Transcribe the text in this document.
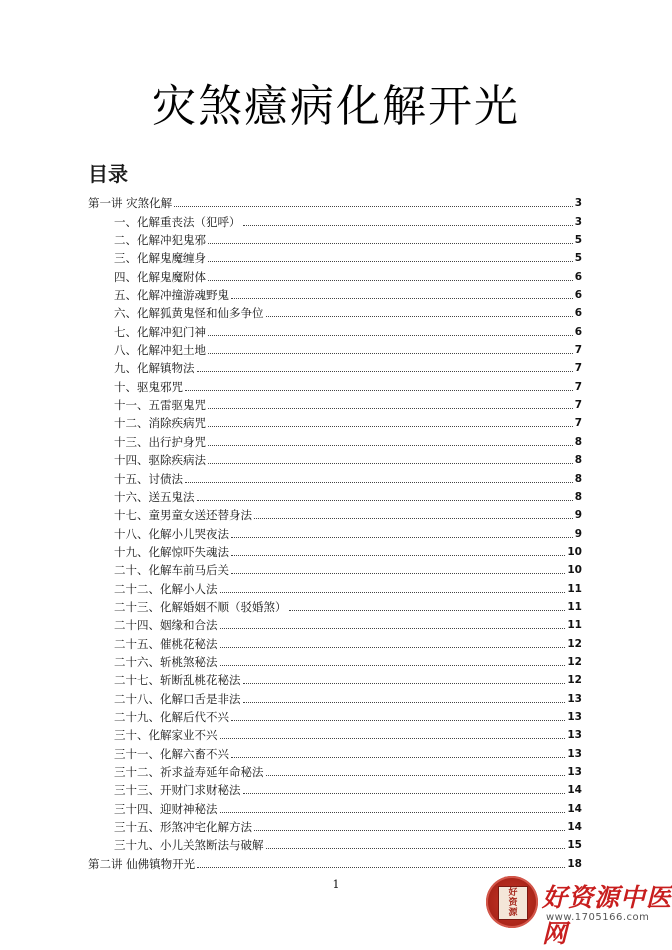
灾煞癔病化解开光
目录
第一讲 灾煞化解	3
一、化解重丧法（犯呼）	3
二、化解冲犯鬼邪	5
三、化解鬼魔缠身	5
四、化解鬼魔附体	6
五、化解冲撞游魂野鬼	6
六、化解狐黄鬼怪和仙多争位	6
七、化解冲犯门神	6
八、化解冲犯土地	7
九、化解镇物法	7
十、驱鬼邪咒	7
十一、五雷驱鬼咒	7
十二、消除疾病咒	7
十三、出行护身咒	8
十四、驱除疾病法	8
十五、讨债法	8
十六、送五鬼法	8
十七、童男童女送还替身法	9
十八、化解小儿哭夜法	9
十九、化解惊吓失魂法	10
二十、化解车前马后关	10
二十二、化解小人法	11
二十三、化解婚姻不顺（驳婚煞）	11
二十四、姻缘和合法	11
二十五、催桃花秘法	12
二十六、斩桃煞秘法	12
二十七、斩断乱桃花秘法	12
二十八、化解口舌是非法	13
二十九、化解后代不兴	13
三十、化解家业不兴	13
三十一、化解六畜不兴	13
三十二、祈求益寿延年命秘法	13
三十三、开财门求财秘法	14
三十四、迎财神秘法	14
三十五、形煞冲宅化解方法	14
三十九、小儿关煞断法与破解	15
第二讲 仙佛镇物开光	18
1
好
资
源
好资源中医网
www.1705166.com
